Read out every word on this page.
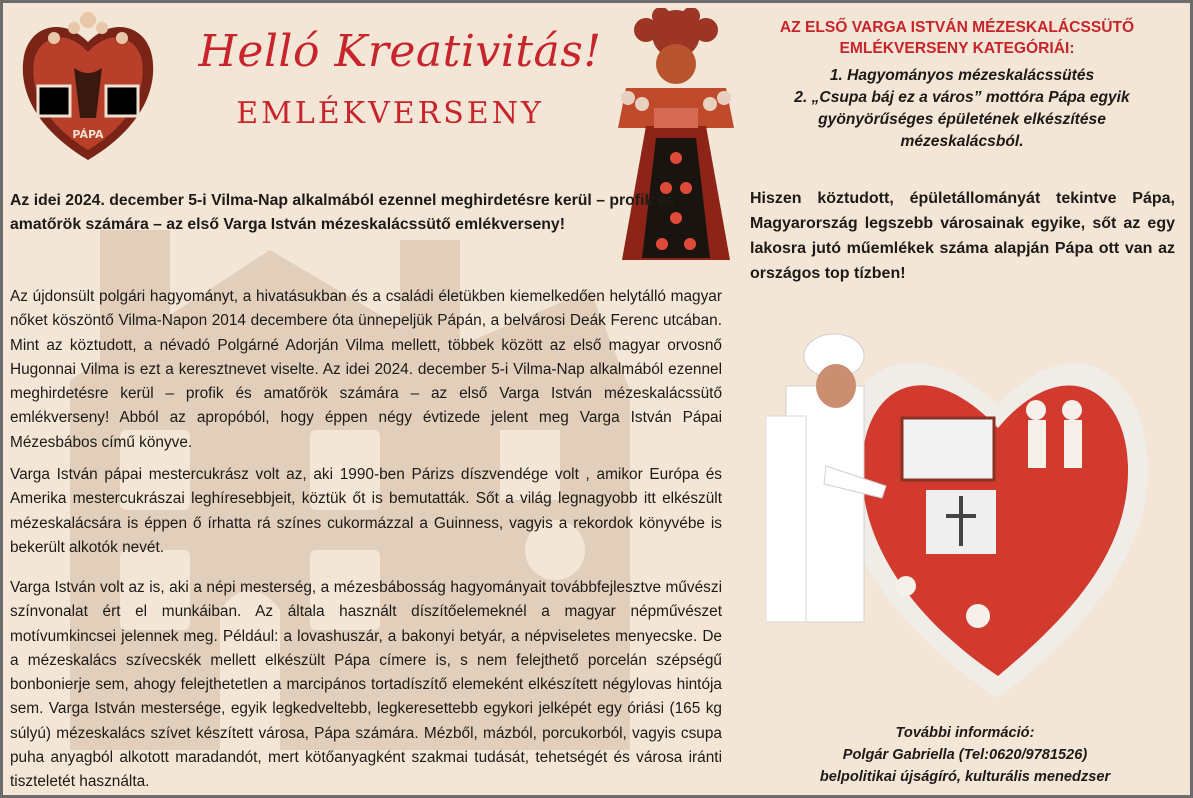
PÁPA
Helló Kreativitás!
EMLÉKVERSENY

Az idei 2024. december 5-i Vilma-Nap alkalmából ezennel meghirdetésre kerül – profik és amatőrök számára – az első Varga István mézeskalácssütő emlékverseny!

Az újdonsült polgári hagyományt, a hivatásukban és a családi életükben kiemelkedően helytálló magyar nőket köszöntő Vilma-Napon 2014 decembere óta ünnepeljük Pápán, a belvárosi Deák Ferenc utcában. Mint az köztudott, a névadó Polgárné Adorján Vilma mellett, többek között az első magyar orvosnő Hugonnai Vilma is ezt a keresztnevet viselte. Az idei 2024. december 5-i Vilma-Nap alkalmából ezennel meghirdetésre kerül – profik és amatőrök számára – az első Varga István mézeskalácssütő emlékverseny! Abból az apropóból, hogy éppen négy évtizede jelent meg Varga István Pápai Mézesbábos című könyve.

Varga István pápai mestercukrász volt az, aki 1990-ben Párizs díszvendége volt , amikor Európa és Amerika mestercukrászai leghíresebbjeit, köztük őt is bemutatták. Sőt a világ legnagyobb itt elkészült mézeskalácsára is éppen ő írhatta rá színes cukormázzal a Guinness, vagyis a rekordok könyvébe is bekerült alkotók nevét.

Varga István volt az is, aki a népi mesterség, a mézesbábosság hagyományait továbbfejlesztve művészi színvonalat ért el munkáiban. Az általa használt díszítőelemeknél a magyar népművészet motívumkincsei jelennek meg. Például: a lovashuszár, a bakonyi betyár, a népviseletes menyecske. De a mézeskalács szívecskék mellett elkészült Pápa címere is, s nem felejthető porcelán szépségű bonbonierje sem, ahogy felejthetetlen a marcipános tortadíszítő elemeként elkészített négylovas hintója sem. Varga István mestersége, egyik legkedveltebb, legkeresettebb egykori jelképét egy óriási (165 kg súlyú) mézeskalács szívet készített városa, Pápa számára. Mézből, mázból, porcukorból, vagyis csupa puha anyagból alkotott maradandót, mert kötőanyagként szakmai tudását, tehetségét és városa iránti tiszteletét használta.

AZ ELSŐ VARGA ISTVÁN MÉZESKALÁCSSÜTŐ
EMLÉKVERSENY KATEGÓRIÁI:
1. Hagyományos mézeskalácssütés
2. „Csupa báj ez a város” mottóra Pápa egyik
gyönyörűséges épületének elkészítése
mézeskalácsból.

Hiszen köztudott, épületállományát tekintve Pápa, Magyarország legszebb városainak egyike, sőt az egy lakosra jutó műemlékek száma alapján Pápa ott van az országos top tízben!

További információ:
Polgár Gabriella (Tel:0620/9781526)
belpolitikai újságíró, kulturális menedzser
